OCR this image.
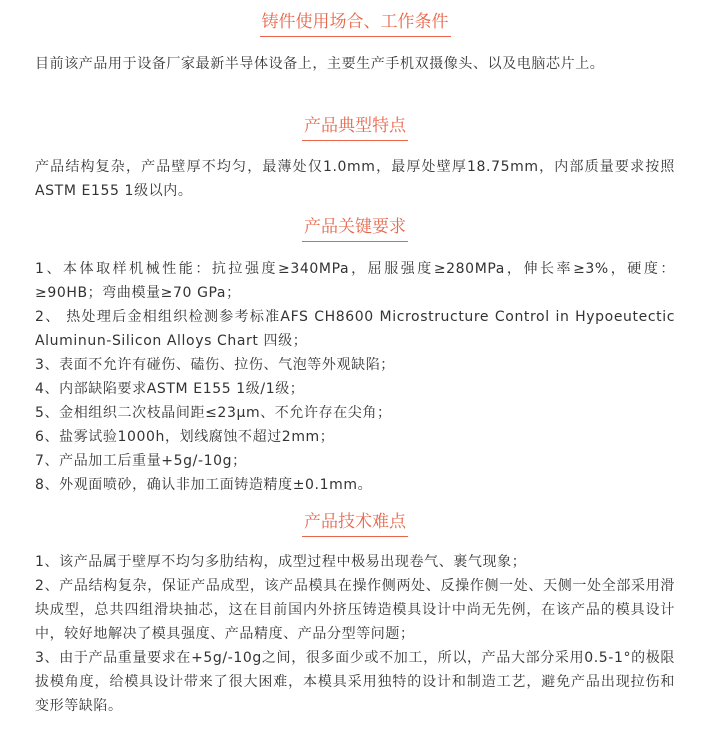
铸件使用场合、工作条件

目前该产品用于设备厂家最新半导体设备上，主要生产手机双摄像头、以及电脑芯片上。

产品典型特点

产品结构复杂，产品壁厚不均匀，最薄处仅1.0mm，最厚处壁厚18.75mm，内部质量要求按照ASTM E155 1级以内。

产品关键要求

1、本体取样机械性能：抗拉强度≥340MPa，屈服强度≥280MPa，伸长率≥3%，硬度：≥90HB；弯曲模量≥70 GPa；

2、 热处理后金相组织检测参考标准AFS CH8600 Microstructure Control in Hypoeutectic Aluminun-Silicon Alloys Chart 四级；

3、表面不允许有碰伤、磕伤、拉伤、气泡等外观缺陷；

4、内部缺陷要求ASTM E155 1级/1级；

5、金相组织二次枝晶间距≤23μm、不允许存在尖角；

6、盐雾试验1000h，划线腐蚀不超过2mm；

7、产品加工后重量+5g/-10g；

8、外观面喷砂，确认非加工面铸造精度±0.1mm。

产品技术难点

1、该产品属于壁厚不均匀多肋结构，成型过程中极易出现卷气、裹气现象；

2、产品结构复杂，保证产品成型，该产品模具在操作侧两处、反操作侧一处、天侧一处全部采用滑块成型，总共四组滑块抽芯，这在目前国内外挤压铸造模具设计中尚无先例，在该产品的模具设计中，较好地解决了模具强度、产品精度、产品分型等问题；

3、由于产品重量要求在+5g/-10g之间，很多面少或不加工，所以，产品大部分采用0.5-1°的极限拔模角度，给模具设计带来了很大困难，本模具采用独特的设计和制造工艺，避免产品出现拉伤和变形等缺陷。
